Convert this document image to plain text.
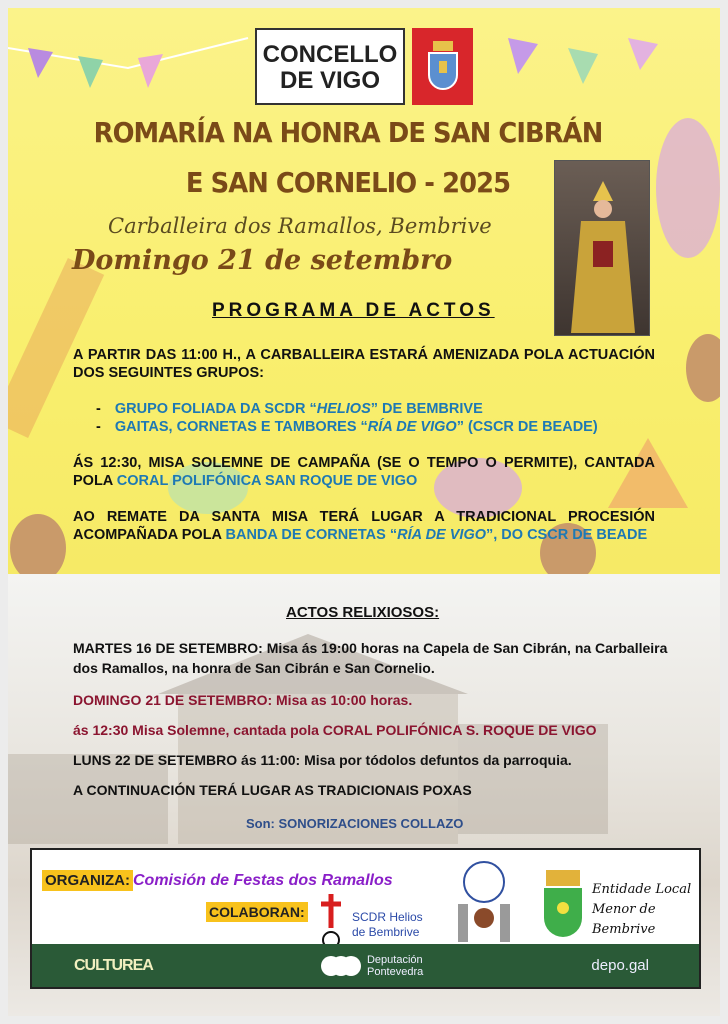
CONCELLO
DE VIGO
ROMARÍA NA HONRA DE SAN CIBRÁN
E SAN CORNELIO - 2025
Carballeira dos Ramallos, Bembrive
Domingo 21 de setembro
PROGRAMA DE ACTOS
A PARTIR DAS 11:00 H., A CARBALLEIRA ESTARÁ AMENIZADA POLA ACTUACIÓN DOS SEGUINTES GRUPOS:
- GRUPO FOLIADA DA SCDR “HELIOS” DE BEMBRIVE
- GAITAS, CORNETAS E TAMBORES “RÍA DE VIGO” (CSCR DE BEADE)
ÁS 12:30, MISA SOLEMNE DE CAMPAÑA (SE O TEMPO O PERMITE), CANTADA POLA CORAL POLIFÓNICA SAN ROQUE DE VIGO
AO REMATE DA SANTA MISA TERÁ LUGAR A TRADICIONAL PROCESIÓN ACOMPAÑADA POLA BANDA DE CORNETAS “RÍA DE VIGO”, DO CSCR DE BEADE
ACTOS RELIXIOSOS:
MARTES 16 DE SETEMBRO: Misa ás 19:00 horas na Capela de San Cibrán, na Carballeira dos Ramallos, na honra de San Cibrán e San Cornelio.
DOMINGO 21 DE SETEMBRO: Misa as 10:00 horas.
ás 12:30 Misa Solemne, cantada pola CORAL POLIFÓNICA S. ROQUE DE VIGO
LUNS 22 DE SETEMBRO ás 11:00: Misa por tódolos defuntos da parroquia.
A CONTINUACIÓN TERÁ LUGAR AS TRADICIONAIS POXAS
Son: SONORIZACIONES COLLAZO
ORGANIZA: Comisión de Festas dos Ramallos
COLABORAN:	SCDR Helios
de Bembrive
Entidade Local
Menor de
Bembrive
CULTUREA	Deputación
Pontevedra	depo.gal
